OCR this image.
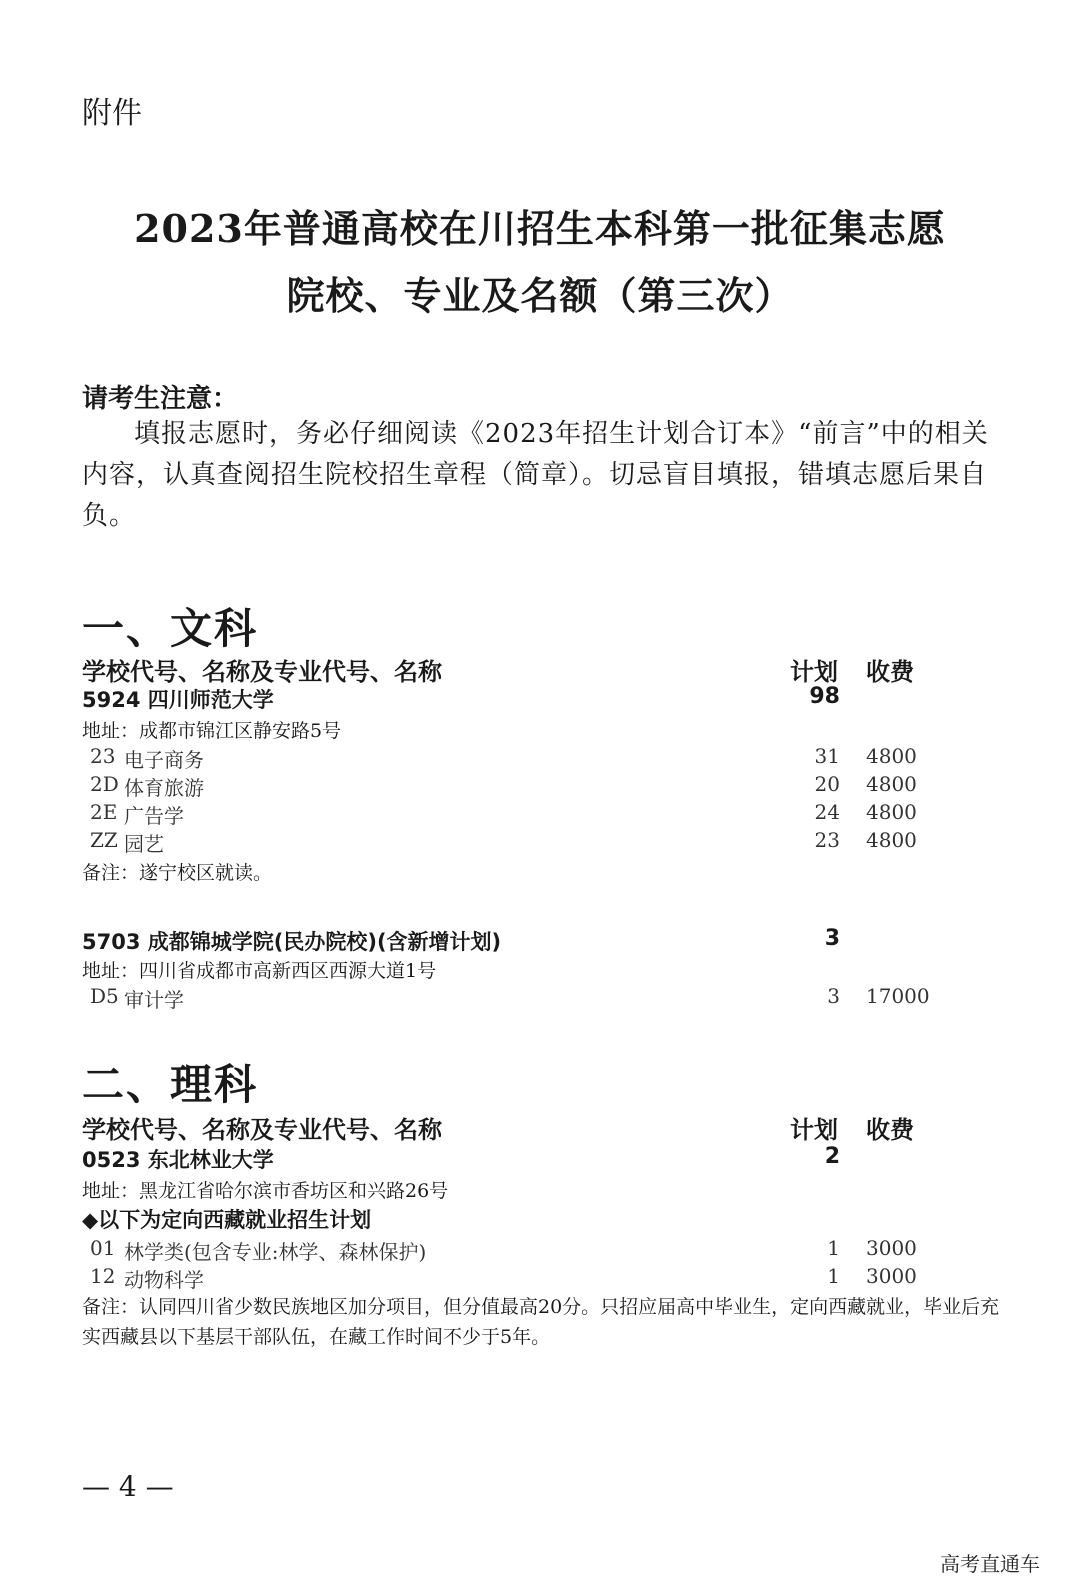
附件
2023年普通高校在川招生本科第一批征集志愿
院校、专业及名额（第三次）
请考生注意：
填报志愿时，务必仔细阅读《2023年招生计划合订本》“前言”中的相关内容，认真查阅招生院校招生章程（简章）。切忌盲目填报，错填志愿后果自负。
一、文科
学校代号、名称及专业代号、名称	计划 收费
5924 四川师范大学	98
地址：成都市锦江区静安路5号
23 电子商务	31 4800
2D 体育旅游	20 4800
2E 广告学	24 4800
ZZ 园艺	23 4800
备注：遂宁校区就读。
5703 成都锦城学院(民办院校)(含新增计划)	3
地址：四川省成都市高新西区西源大道1号
D5 审计学	3 17000
二、理科
学校代号、名称及专业代号、名称	计划 收费
0523 东北林业大学	2
地址：黑龙江省哈尔滨市香坊区和兴路26号
◆以下为定向西藏就业招生计划
01 林学类(包含专业:林学、森林保护)	1 3000
12 动物科学	1 3000
备注：认同四川省少数民族地区加分项目，但分值最高20分。只招应届高中毕业生，定向西藏就业，毕业后充实西藏县以下基层干部队伍，在藏工作时间不少于5年。
— 4 —
高考直通车
